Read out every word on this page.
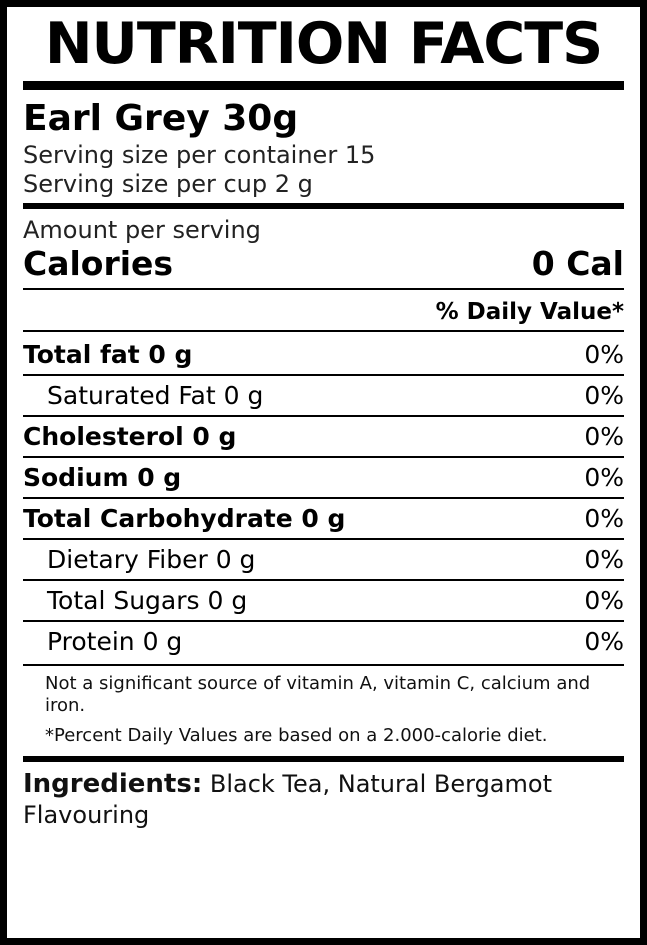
NUTRITION FACTS
Earl Grey 30g
Serving size per container 15
Serving size per cup 2 g
Amount per serving
Calories	0 Cal
% Daily Value*
Total fat 0 g	0%
Saturated Fat 0 g	0%
Cholesterol 0 g	0%
Sodium 0 g	0%
Total Carbohydrate 0 g	0%
Dietary Fiber 0 g	0%
Total Sugars 0 g	0%
Protein 0 g	0%
Not a significant source of vitamin A, vitamin C, calcium and iron.
*Percent Daily Values are based on a 2.000-calorie diet.
Ingredients: Black Tea, Natural Bergamot Flavouring
